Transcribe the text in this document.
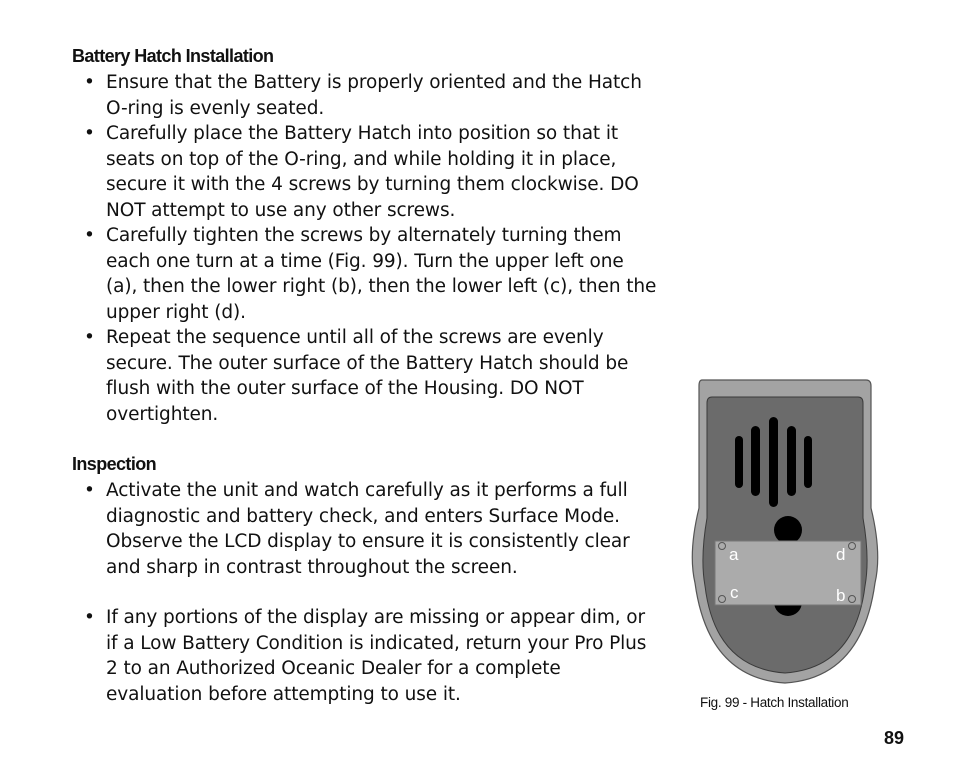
Battery Hatch Installation
• Ensure that the Battery is properly oriented and the Hatch O-ring is evenly seated.
• Carefully place the Battery Hatch into position so that it seats on top of the O-ring, and while holding it in place, secure it with the 4 screws by turning them clockwise. DO NOT attempt to use any other screws.
• Carefully tighten the screws by alternately turning them each one turn at a time (Fig. 99). Turn the upper left one (a), then the lower right (b), then the lower left (c), then the upper right (d).
• Repeat the sequence until all of the screws are evenly secure. The outer surface of the Battery Hatch should be flush with the outer surface of the Housing. DO NOT overtighten.
Inspection
• Activate the unit and watch carefully as it performs a full diagnostic and battery check, and enters Surface Mode. Observe the LCD display to ensure it is consistently clear and sharp in contrast throughout the screen.
• If any portions of the display are missing or appear dim, or if a Low Battery Condition is indicated, return your Pro Plus 2 to an Authorized Oceanic Dealer for a complete evaluation before attempting to use it.
a	d
c	b
Fig. 99 - Hatch Installation
89
